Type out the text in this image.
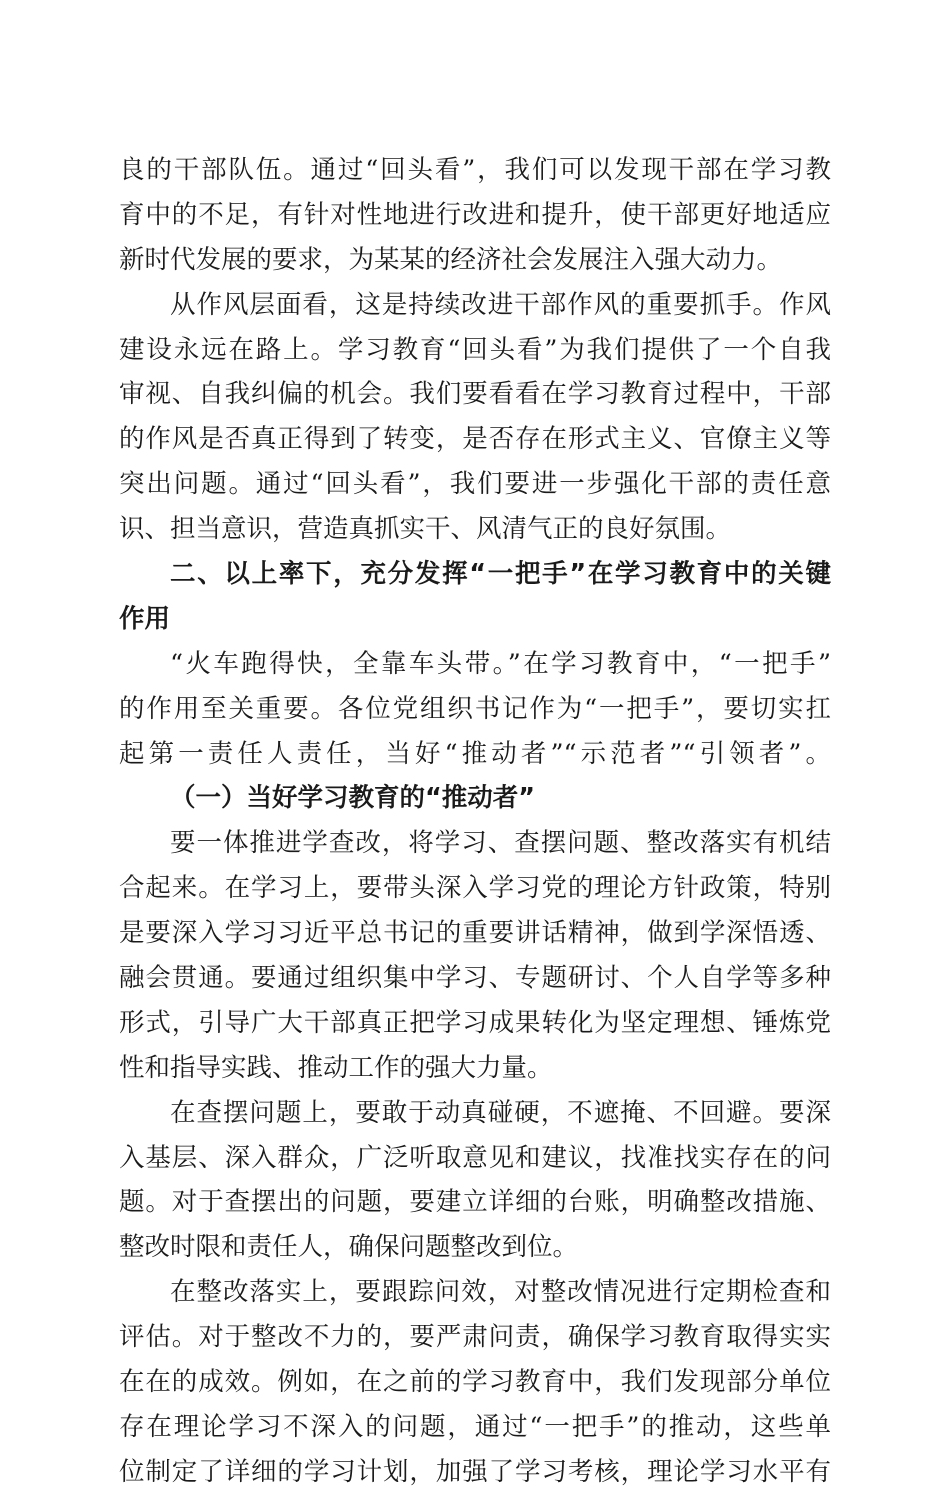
良的干部队伍。通过“回头看”，我们可以发现干部在学习教
育中的不足，有针对性地进行改进和提升，使干部更好地适应
新时代发展的要求，为某某的经济社会发展注入强大动力。
从作风层面看，这是持续改进干部作风的重要抓手。作风
建设永远在路上。学习教育“回头看”为我们提供了一个自我
审视、自我纠偏的机会。我们要看看在学习教育过程中，干部
的作风是否真正得到了转变，是否存在形式主义、官僚主义等
突出问题。通过“回头看”，我们要进一步强化干部的责任意
识、担当意识，营造真抓实干、风清气正的良好氛围。
二、以上率下，充分发挥“一把手”在学习教育中的关键
作用
“火车跑得快，全靠车头带。”在学习教育中，“一把手”
的作用至关重要。各位党组织书记作为“一把手”，要切实扛
起第一责任人责任，当好“推动者”“示范者”“引领者”。
（一）当好学习教育的“推动者”
要一体推进学查改，将学习、查摆问题、整改落实有机结
合起来。在学习上，要带头深入学习党的理论方针政策，特别
是要深入学习习近平总书记的重要讲话精神，做到学深悟透、
融会贯通。要通过组织集中学习、专题研讨、个人自学等多种
形式，引导广大干部真正把学习成果转化为坚定理想、锤炼党
性和指导实践、推动工作的强大力量。
在查摆问题上，要敢于动真碰硬，不遮掩、不回避。要深
入基层、深入群众，广泛听取意见和建议，找准找实存在的问
题。对于查摆出的问题，要建立详细的台账，明确整改措施、
整改时限和责任人，确保问题整改到位。
在整改落实上，要跟踪问效，对整改情况进行定期检查和
评估。对于整改不力的，要严肃问责，确保学习教育取得实实
在在的成效。例如，在之前的学习教育中，我们发现部分单位
存在理论学习不深入的问题，通过“一把手”的推动，这些单
位制定了详细的学习计划，加强了学习考核，理论学习水平有
